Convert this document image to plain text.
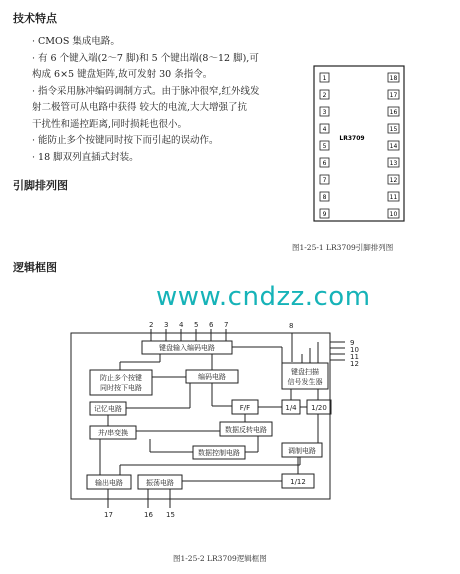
技术特点
引脚排列图
逻辑框图
· CMOS 集成电路。
· 有 6 个键入端(2～7 脚)和 5 个键出端(8～12 脚),可
构成 6×5 键盘矩阵,故可发射 30 条指令。
· 指令采用脉冲编码调制方式。由于脉冲很窄,红外线发
射二极管可从电路中获得 较大的电流,大大增强了抗
干扰性和遥控距离,同时损耗也很小。
· 能防止多个按键同时按下而引起的误动作。
· 18 脚双列直插式封装。
1
2
3
4
5
6
7
8
9
18
17
16
15
14
13
12
11
10
LR3709
图1-25-1 LR3709引脚排列图
www.cndzz.com
2 3 4 5 6 7	8
9
10
11
12
17	16 15
键盘输入编码电路
防止多个按键
同时按下电路
编码电路
键盘扫描
信号发生器
记忆电路	F/F	1/4 1/20
并/串变换	数据反转电路
数据控制电路	调制电路
输出电路	振荡电路	1/12
图1-25-2 LR3709逻辑框图
